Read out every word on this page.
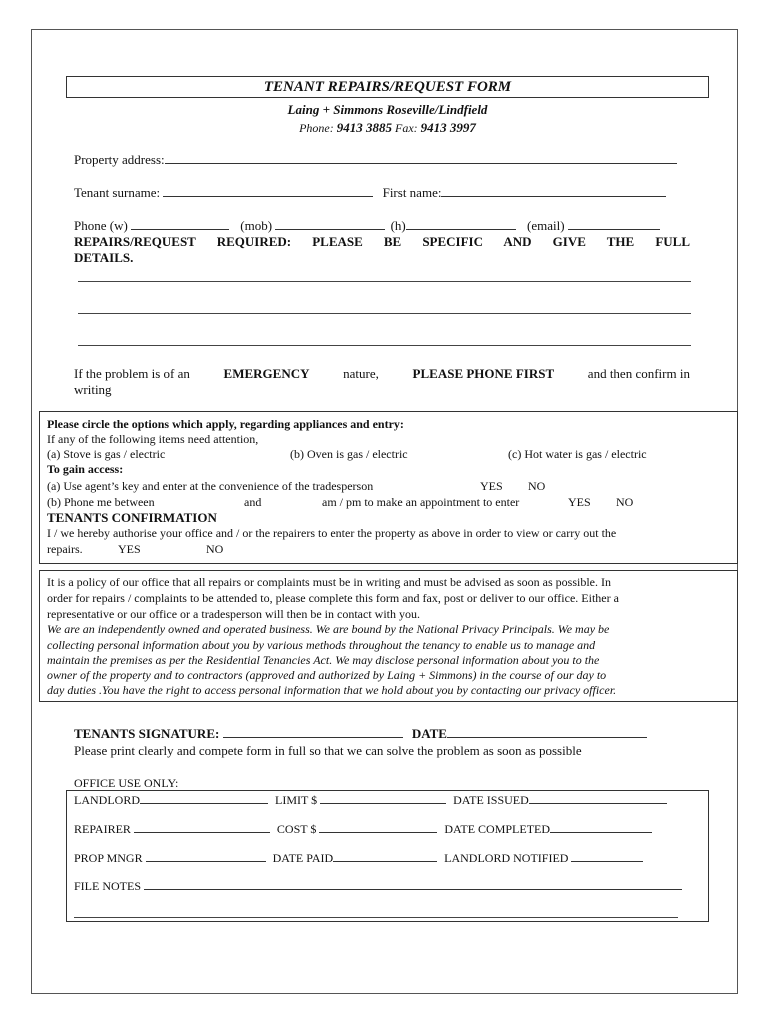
TENANT REPAIRS/REQUEST FORM
Laing + Simmons Roseville/Lindfield
Phone: 9413 3885 Fax: 9413 3997
Property address:
Tenant surname:	First name:
Phone (w)	(mob)	(h)	(email)
REPAIRS/REQUEST REQUIRED: PLEASE BE SPECIFIC AND GIVE THE FULL
DETAILS.
If the problem is of an	EMERGENCY	nature,	PLEASE PHONE FIRST	and then confirm in
writing
Please circle the options which apply, regarding appliances and entry:
If any of the following items need attention,
(a) Stove is gas / electric	(b) Oven is gas / electric	(c) Hot water is gas / electric
To gain access:
(a) Use agent’s key and enter at the convenience of the tradesperson	YES NO
(b) Phone me between	and	am / pm to make an appointment to enter	YES NO
TENANTS CONFIRMATION
I / we hereby authorise your office and / or the repairers to enter the property as above in order to view or carry out the
repairs.	YES	NO
It is a policy of our office that all repairs or complaints must be in writing and must be advised as soon as possible. In
order for repairs / complaints to be attended to, please complete this form and fax, post or deliver to our office. Either a
representative or our office or a tradesperson will then be in contact with you.
We are an independently owned and operated business. We are bound by the National Privacy Principals. We may be
collecting personal information about you by various methods throughout the tenancy to enable us to manage and
maintain the premises as per the Residential Tenancies Act. We may disclose personal information about you to the
owner of the property and to contractors (approved and authorized by Laing + Simmons) in the course of our day to
day duties .You have the right to access personal information that we hold about you by contacting our privacy officer.
TENANTS SIGNATURE:	DATE
Please print clearly and compete form in full so that we can solve the problem as soon as possible
OFFICE USE ONLY:
LANDLORD	LIMIT $	DATE ISSUED
REPAIRER	COST $	DATE COMPLETED
PROP MNGR	DATE PAID	LANDLORD NOTIFIED
FILE NOTES
